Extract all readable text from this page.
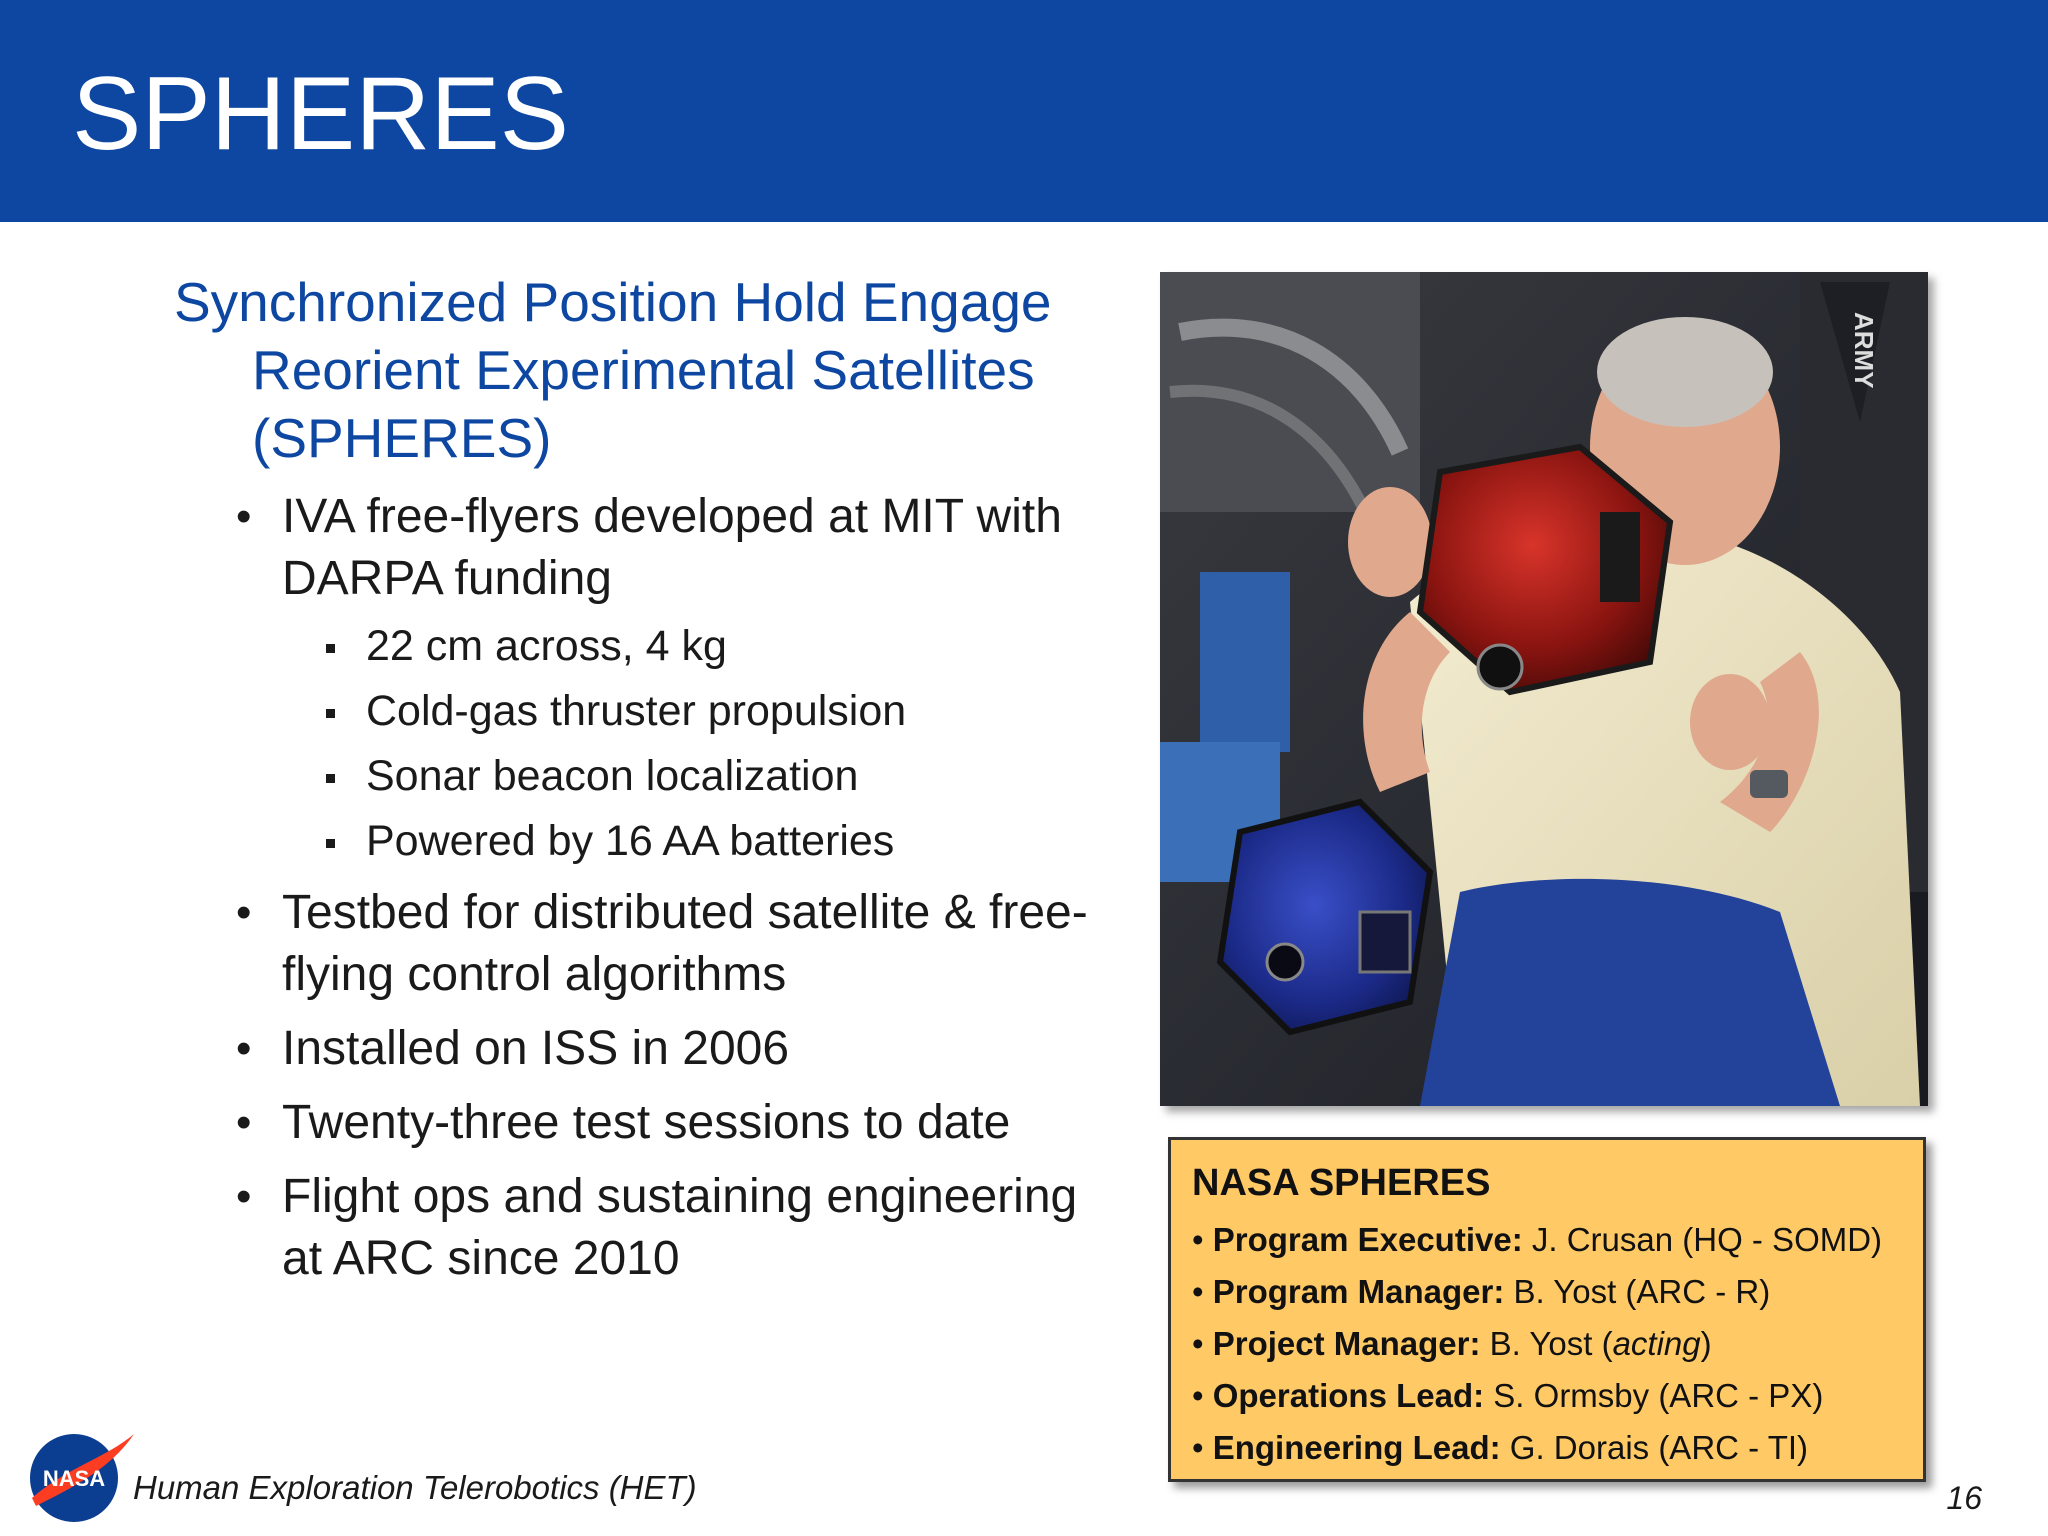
SPHERES
Synchronized Position Hold Engage
Reorient Experimental Satellites
(SPHERES)
• IVA free-flyers developed at MIT with DARPA funding
22 cm across, 4 kg
Cold-gas thruster propulsion
Sonar beacon localization
Powered by 16 AA batteries
• Testbed for distributed satellite & free-flying control algorithms
• Installed on ISS in 2006
• Twenty-three test sessions to date
• Flight ops and sustaining engineering at ARC since 2010
ARMY
NASA SPHERES
• Program Executive: J. Crusan (HQ - SOMD)
• Program Manager: B. Yost (ARC - R)
• Project Manager: B. Yost (acting)
• Operations Lead: S. Ormsby (ARC - PX)
• Engineering Lead: G. Dorais (ARC - TI)
NASA Human Exploration Telerobotics (HET)	16
